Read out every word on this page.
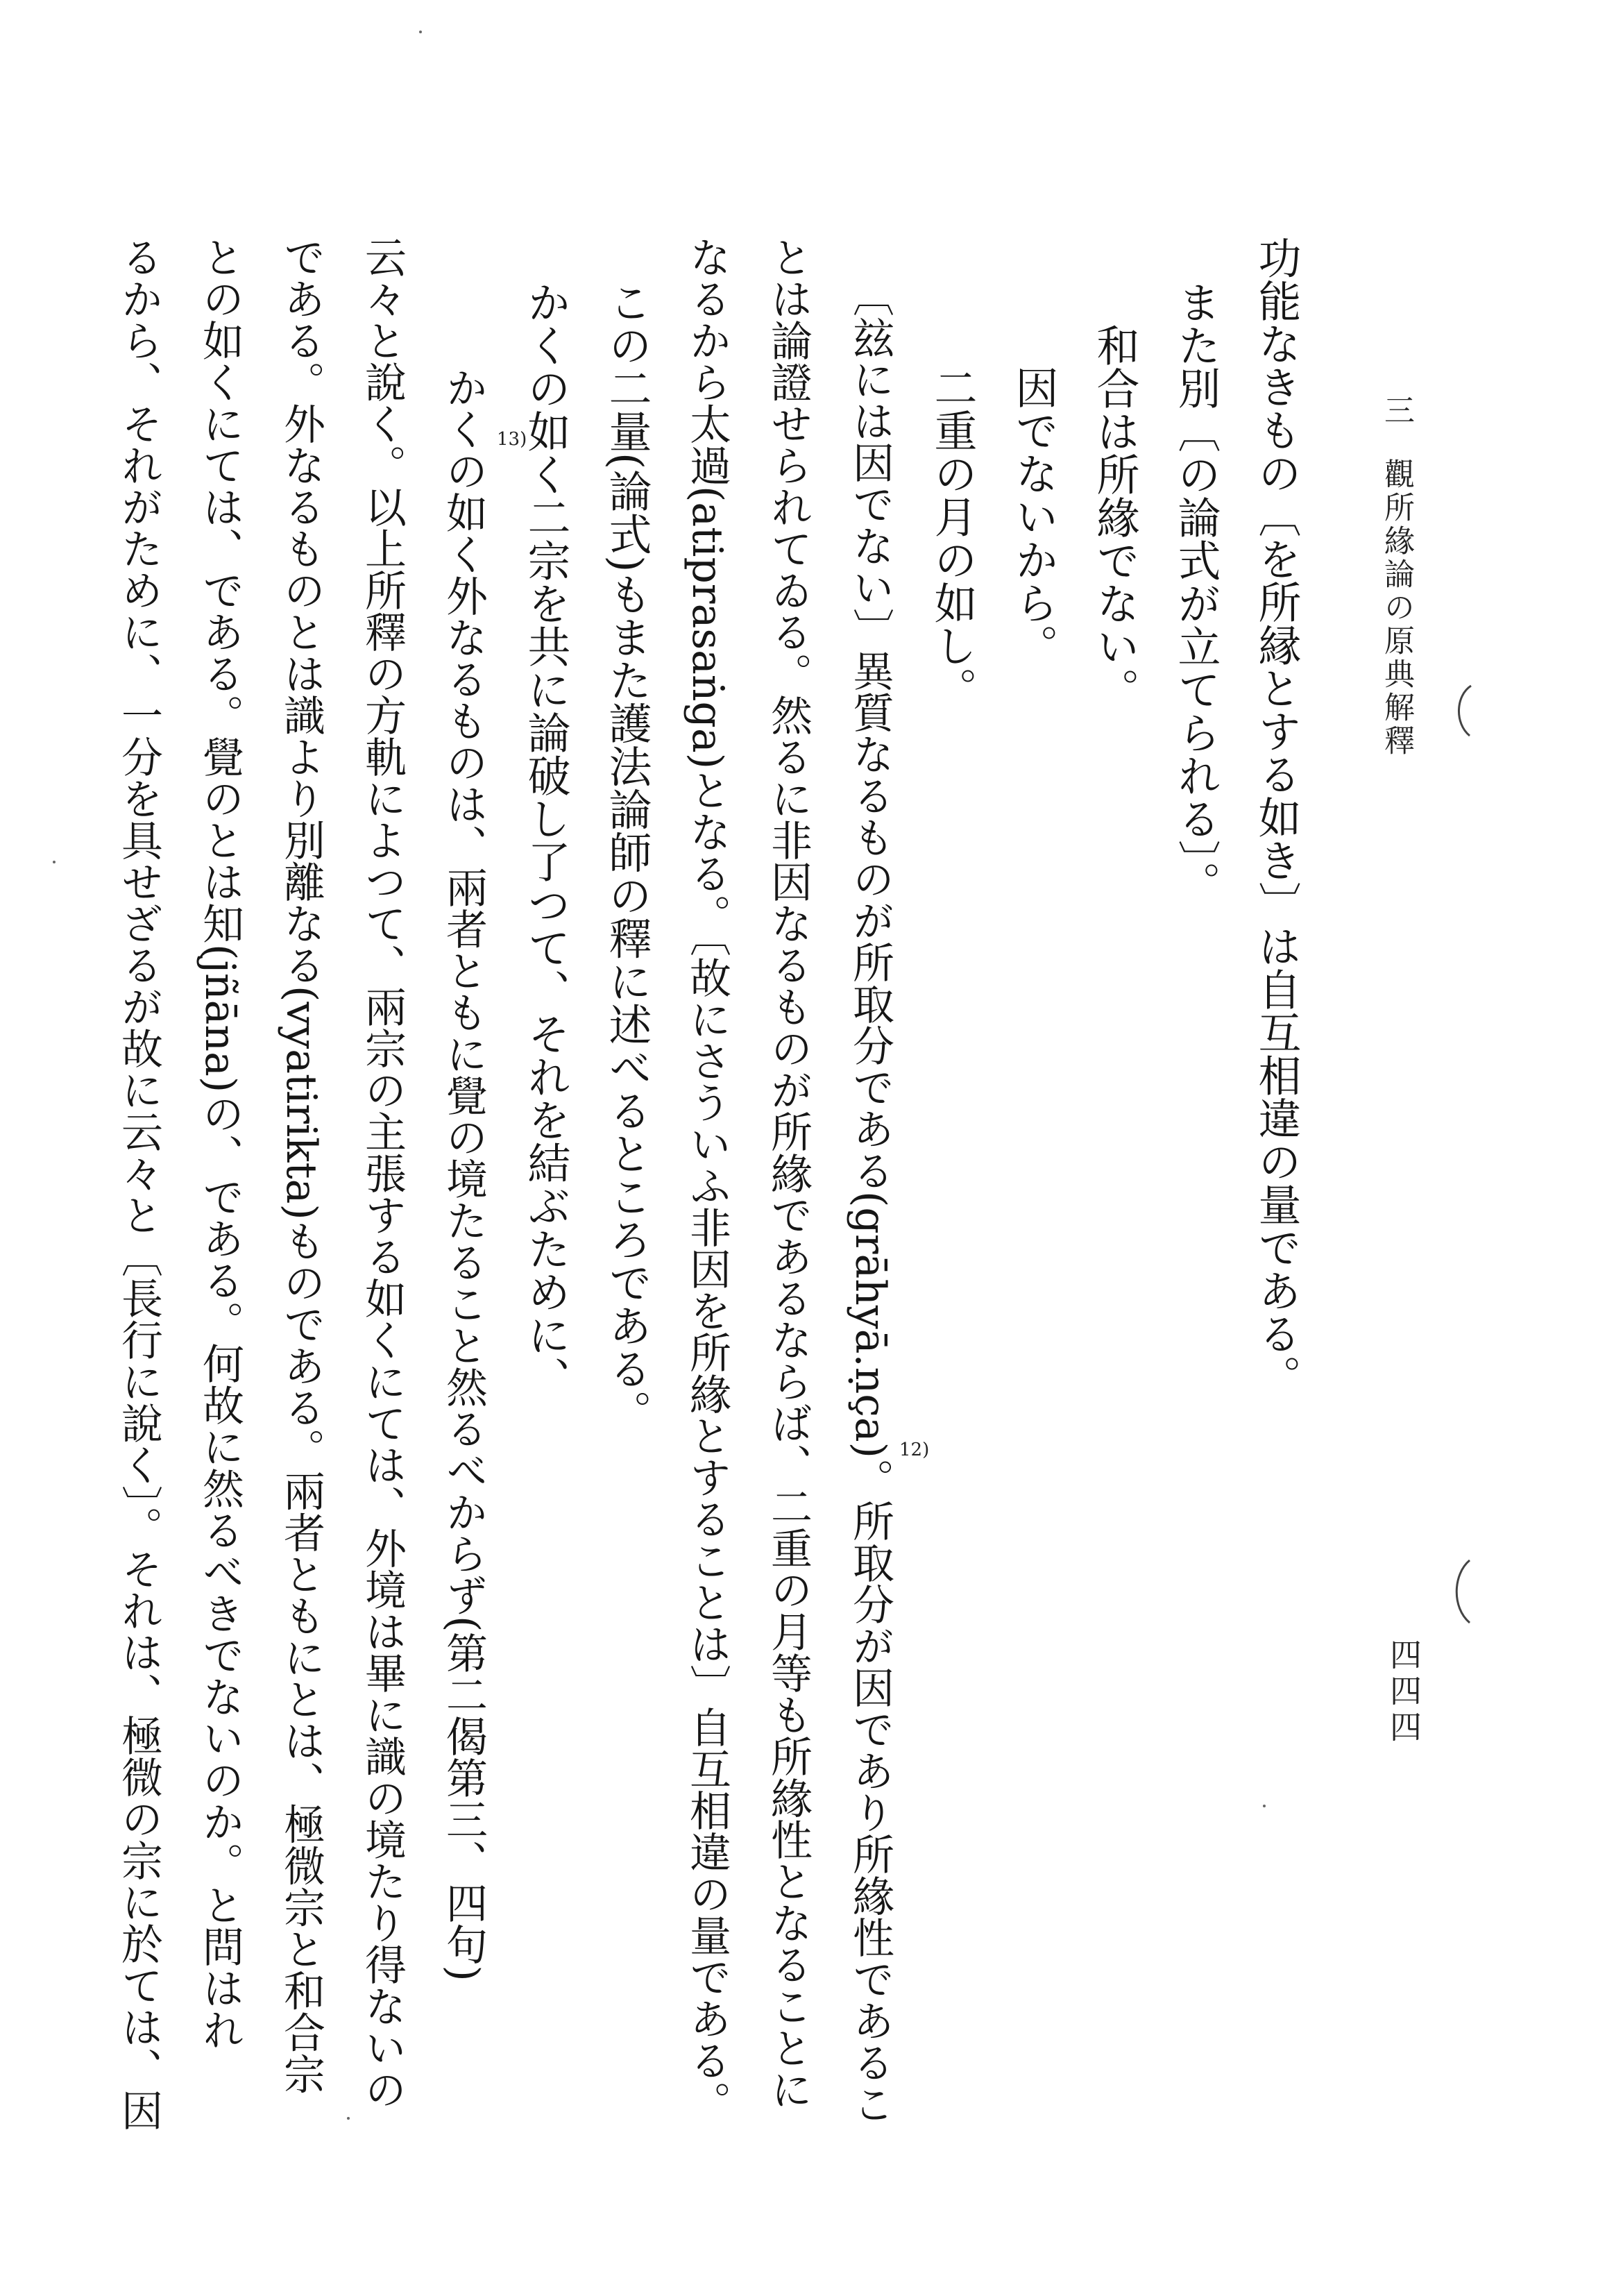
三 觀所緣論の原典解釋
四四四
功能なきもの〔を所縁とする如き〕は自互相違の量である。
また別〔の論式が立てられる〕。
和合は所緣でない。
因でないから。
二重の月の如し。
〔玆には因でない〕異質なるものが所取分である(grāhyā.ṇça)。所取分が因であり所緣性であるこ
とは論證せられてゐる。然るに非因なるものが所緣であるならば、二重の月等も所緣性となることに
なるから太過(atiprasaṅga)となる。〔故にさういふ非因を所緣とすることは〕自互相違の量である。
この二量(論式)もまた護法論師の釋に述べるところである。
かくの如く二宗を共に論破し了つて、それを結ぶために、
かくの如く外なるものは、兩者ともに覺の境たること然るべからず(第二偈第三、四句)
云々と說く。以上所釋の方軌によつて、兩宗の主張する如くにては、外境は畢に識の境たり得ないの
である。外なるものとは識より別離なる(vyatirikta)ものである。兩者ともにとは、極微宗と和合宗
との如くにては、である。覺のとは知(jñāna)の、である。何故に然るべきでないのか。と問はれ
るから、それがために、一分を具せざるが故に云々と〔長行に說く〕。それは、極微の宗に於ては、因	12)
13)
